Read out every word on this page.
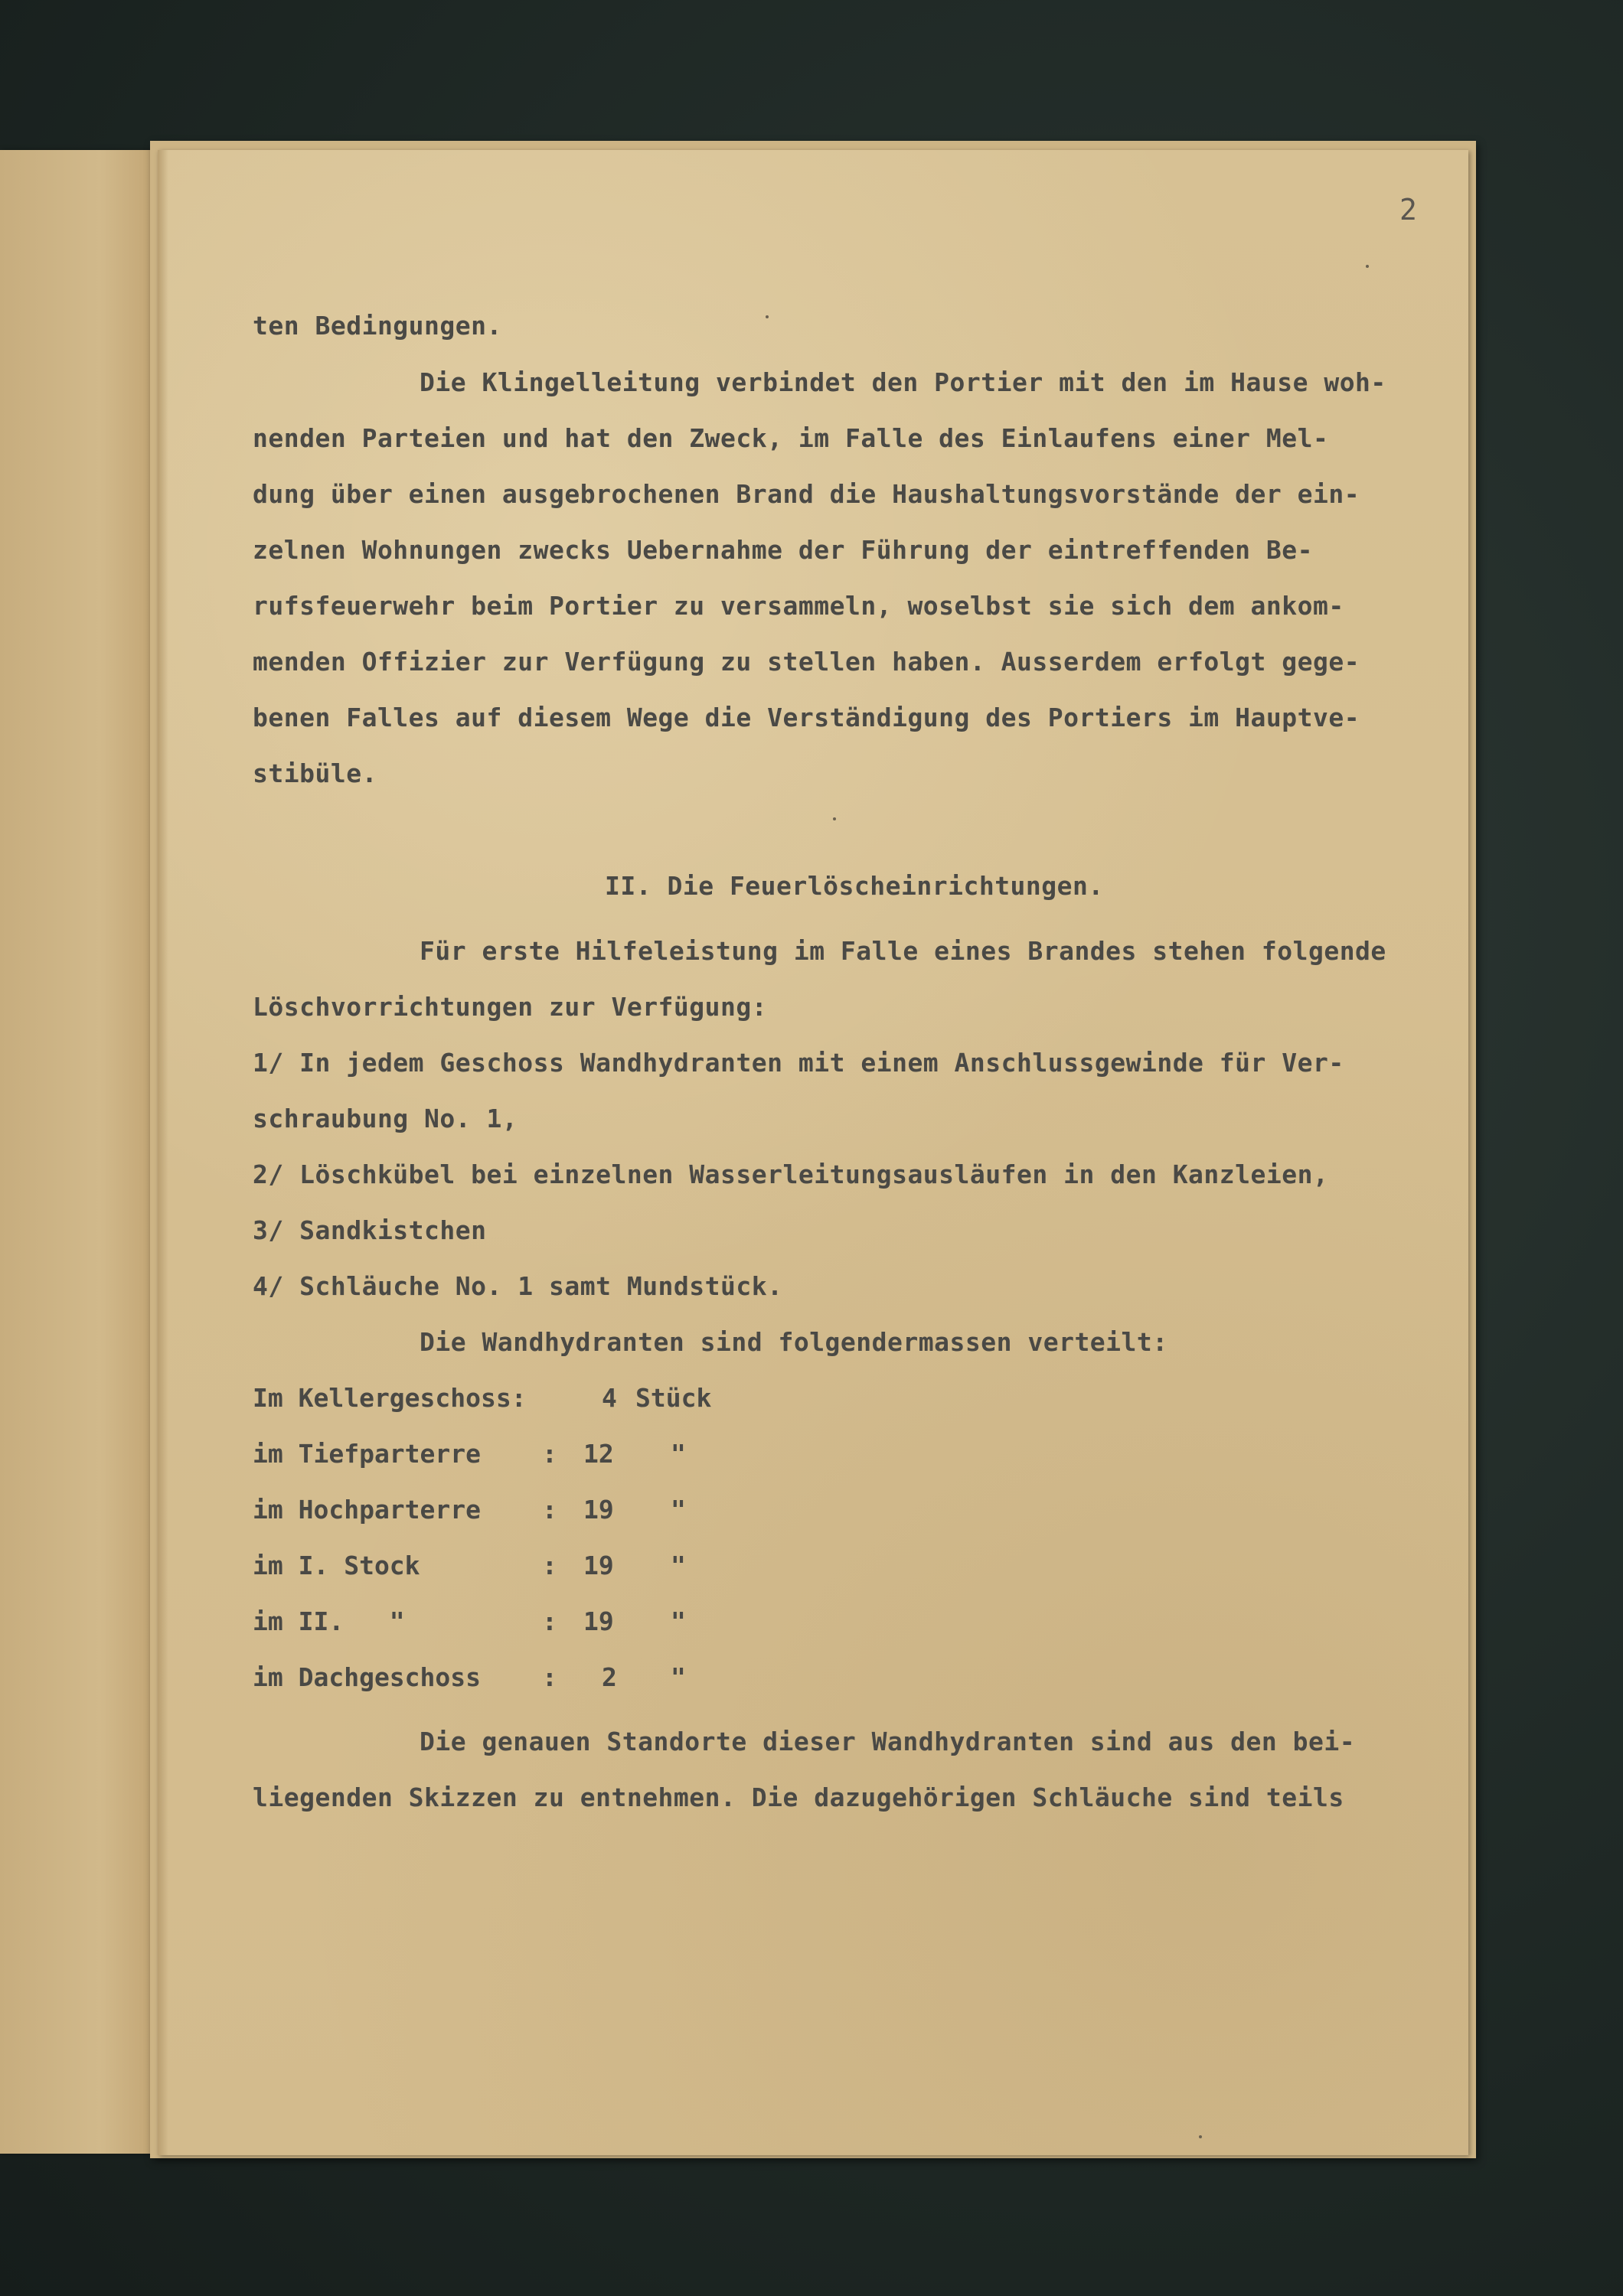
2
ten Bedingungen.
Die Klingelleitung verbindet den Portier mit den im Hause woh-
nenden Parteien und hat den Zweck, im Falle des Einlaufens einer Mel-
dung über einen ausgebrochenen Brand die Haushaltungsvorstände der ein-
zelnen Wohnungen zwecks Uebernahme der Führung der eintreffenden Be-
rufsfeuerwehr beim Portier zu versammeln, woselbst sie sich dem ankom-
menden Offizier zur Verfügung zu stellen haben. Ausserdem erfolgt gege-
benen Falles auf diesem Wege die Verständigung des Portiers im Hauptve-
stibüle.
II. Die Feuerlöscheinrichtungen.
Für erste Hilfeleistung im Falle eines Brandes stehen folgende
Löschvorrichtungen zur Verfügung:
1/ In jedem Geschoss Wandhydranten mit einem Anschlussgewinde für Ver-
schraubung No. 1,
2/ Löschkübel bei einzelnen Wasserleitungsausläufen in den Kanzleien,
3/ Sandkistchen
4/ Schläuche No. 1 samt Mundstück.
Die Wandhydranten sind folgendermassen verteilt:
Im Kellergeschoss:	4 Stück
im Tiefparterre : 12 "
im Hochparterre : 19 "
im I. Stock	: 19 "
im II.   "	: 19 "
im Dachgeschoss : 2 "
Die genauen Standorte dieser Wandhydranten sind aus den bei-
liegenden Skizzen zu entnehmen. Die dazugehörigen Schläuche sind teils
